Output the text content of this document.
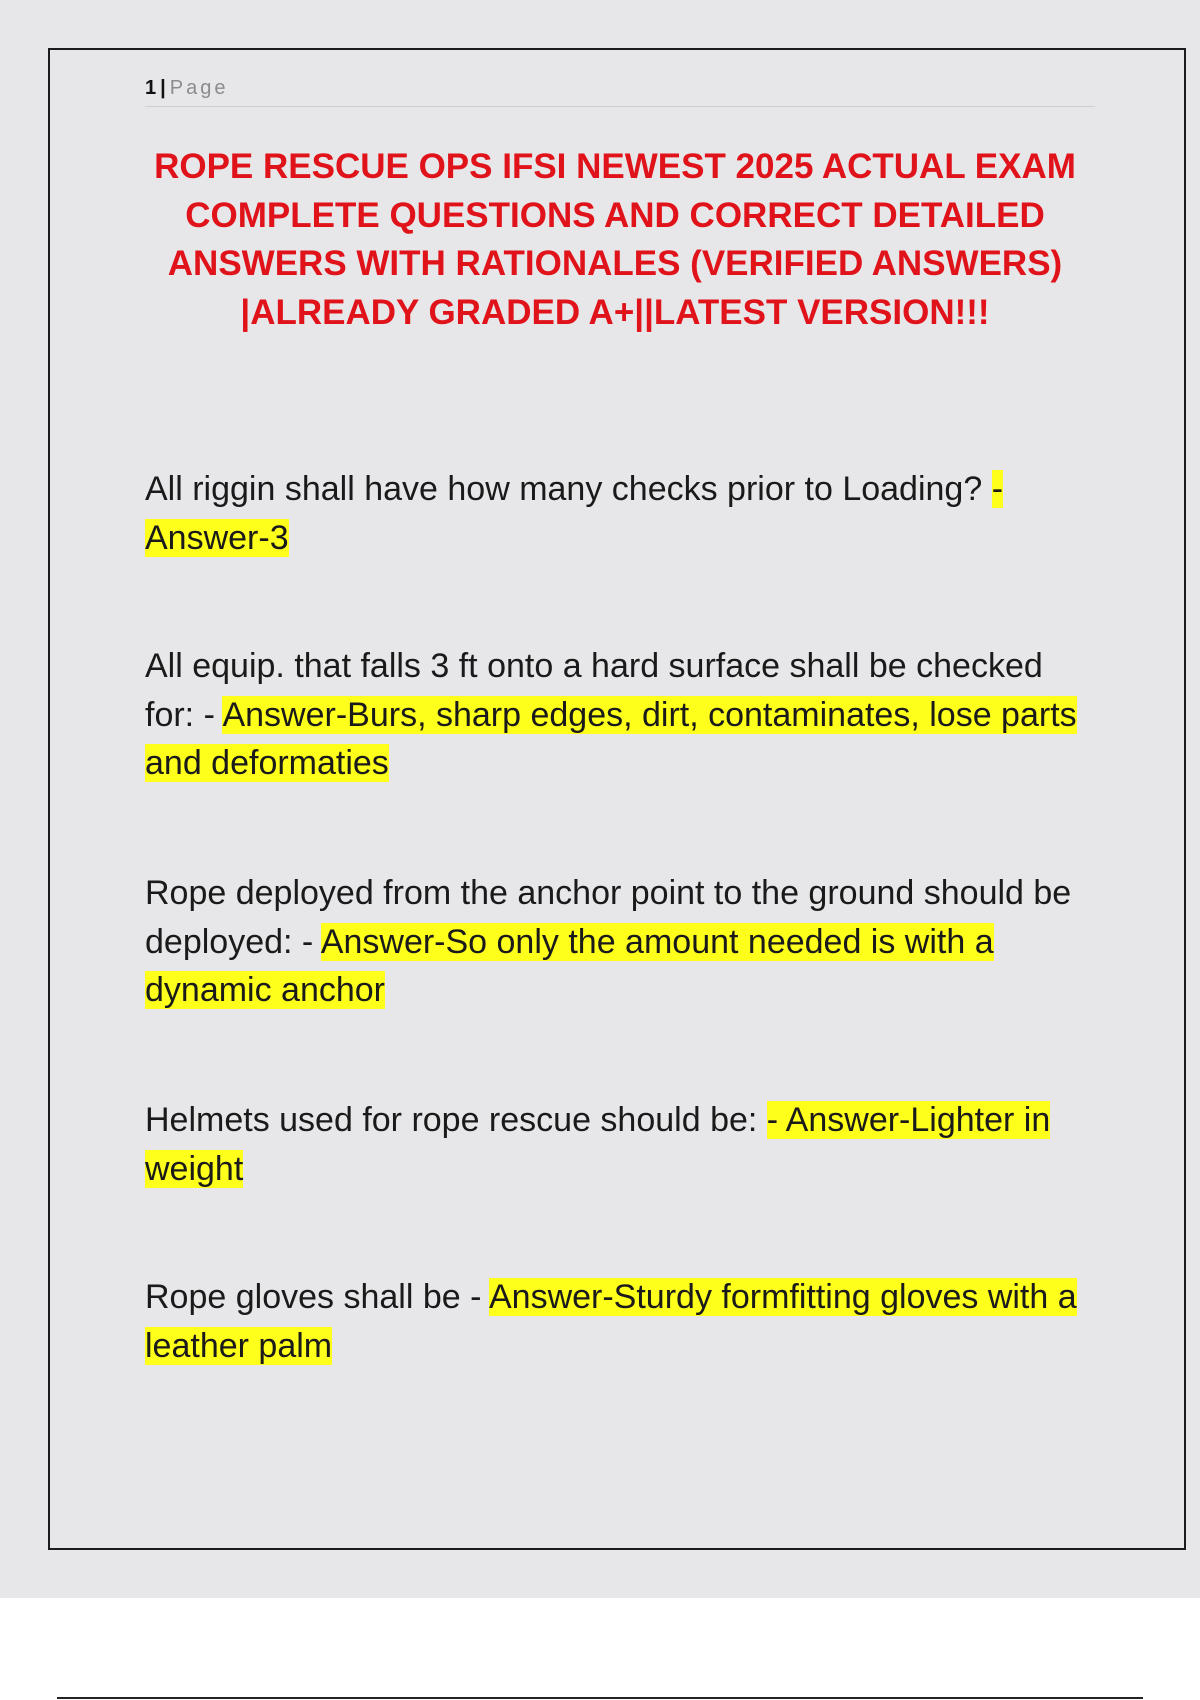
1 | Page
ROPE RESCUE OPS IFSI NEWEST 2025 ACTUAL EXAM COMPLETE QUESTIONS AND CORRECT DETAILED ANSWERS WITH RATIONALES (VERIFIED ANSWERS) |ALREADY GRADED A+||LATEST VERSION!!!

All riggin shall have how many checks prior to Loading? - Answer-3

All equip. that falls 3 ft onto a hard surface shall be checked for: - Answer-Burs, sharp edges, dirt, contaminates, lose parts and deformaties

Rope deployed from the anchor point to the ground should be deployed: - Answer-So only the amount needed is with a dynamic anchor

Helmets used for rope rescue should be: - Answer-Lighter in weight

Rope gloves shall be - Answer-Sturdy formfitting gloves with a leather palm
